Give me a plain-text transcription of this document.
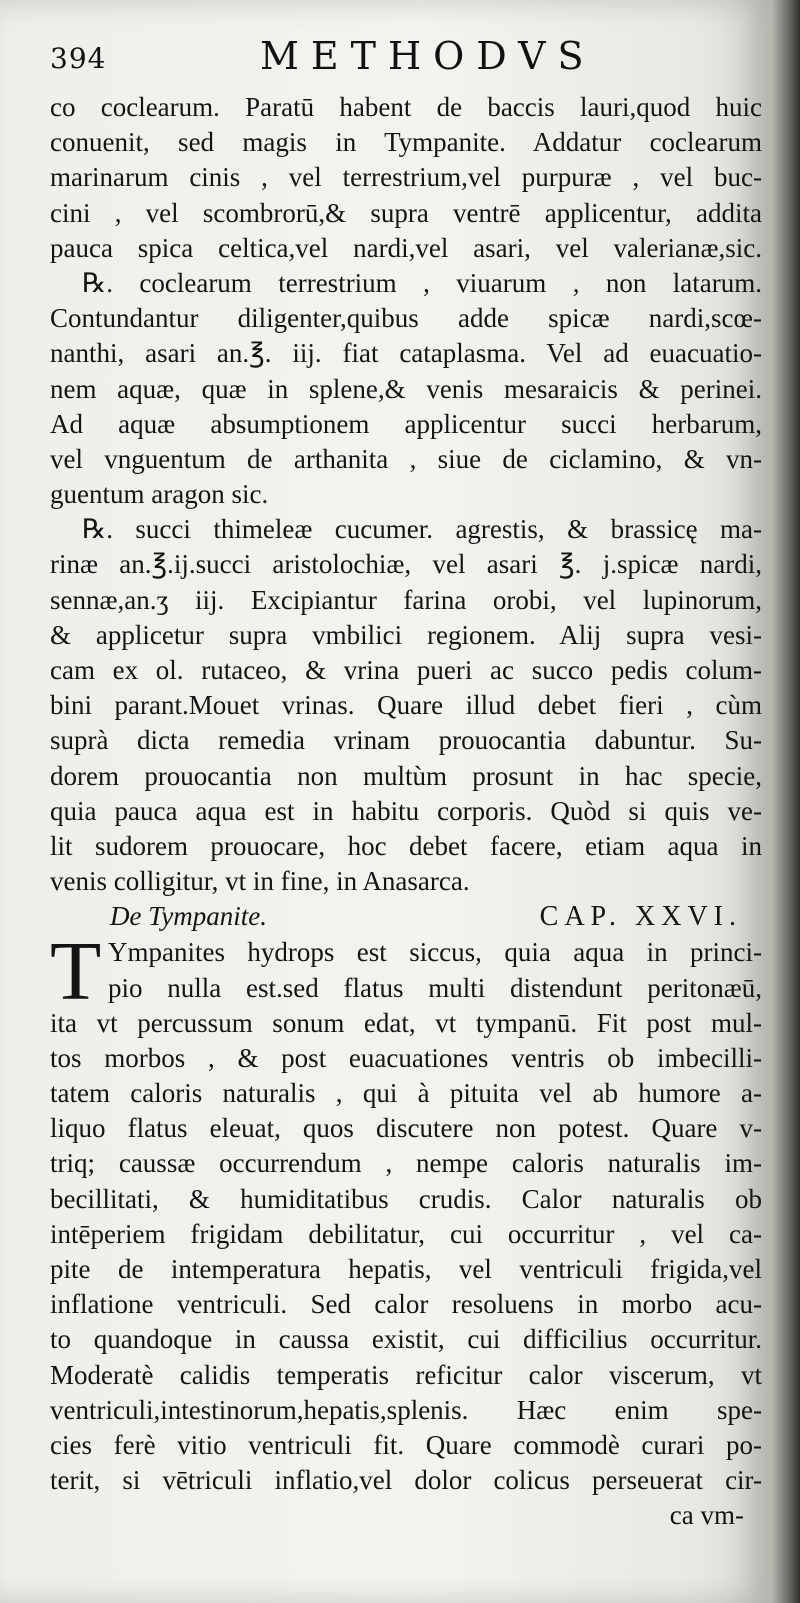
394	METHODVS
co coclearum. Paratū habent de baccis lauri,quod huic
conuenit, sed magis in Tympanite. Addatur coclearum
marinarum cinis , vel terrestrium,vel purpuræ , vel buc-
cini , vel scombrorū,& supra ventrē applicentur, addita
pauca spica celtica,vel nardi,vel asari, vel valerianæ,sic.
℞. coclearum terrestrium , viuarum , non latarum.
Contundantur diligenter,quibus adde spicæ nardi,scœ-
nanthi, asari an.℥. iij. fiat cataplasma. Vel ad euacuatio-
nem aquæ, quæ in splene,& venis mesaraicis & perinei.
Ad aquæ absumptionem applicentur succi herbarum,
vel vnguentum de arthanita , siue de ciclamino, & vn-
guentum aragon sic.
℞. succi thimeleæ cucumer. agrestis, & brassicę ma-
rinæ an.℥.ij.succi aristolochiæ, vel asari ℥. j.spicæ nardi,
sennæ,an.ʒ iij. Excipiantur farina orobi, vel lupinorum,
& applicetur supra vmbilici regionem. Alij supra vesi-
cam ex ol. rutaceo, & vrina pueri ac succo pedis colum-
bini parant.Mouet vrinas. Quare illud debet fieri , cùm
suprà dicta remedia vrinam prouocantia dabuntur. Su-
dorem prouocantia non multùm prosunt in hac specie,
quia pauca aqua est in habitu corporis. Quòd si quis ve-
lit sudorem prouocare, hoc debet facere, etiam aqua in
venis colligitur, vt in fine, in Anasarca.
De Tympanite.	CAP. XXVI.
T Ympanites hydrops est siccus, quia aqua in princi-
pio nulla est.sed flatus multi distendunt peritonæū,
ita vt percussum sonum edat, vt tympanū. Fit post mul-
tos morbos , & post euacuationes ventris ob imbecilli-
tatem caloris naturalis , qui à pituita vel ab humore a-
liquo flatus eleuat, quos discutere non potest. Quare v-
triq; caussæ occurrendum , nempe caloris naturalis im-
becillitati, & humiditatibus crudis. Calor naturalis ob
intēperiem frigidam debilitatur, cui occurritur , vel ca-
pite de intemperatura hepatis, vel ventriculi frigida,vel
inflatione ventriculi. Sed calor resoluens in morbo acu-
to quandoque in caussa existit, cui difficilius occurritur.
Moderatè calidis temperatis reficitur calor viscerum, vt
ventriculi,intestinorum,hepatis,splenis. Hæc enim spe-
cies ferè vitio ventriculi fit. Quare commodè curari po-
terit, si vētriculi inflatio,vel dolor colicus perseuerat cir-
ca vm-
